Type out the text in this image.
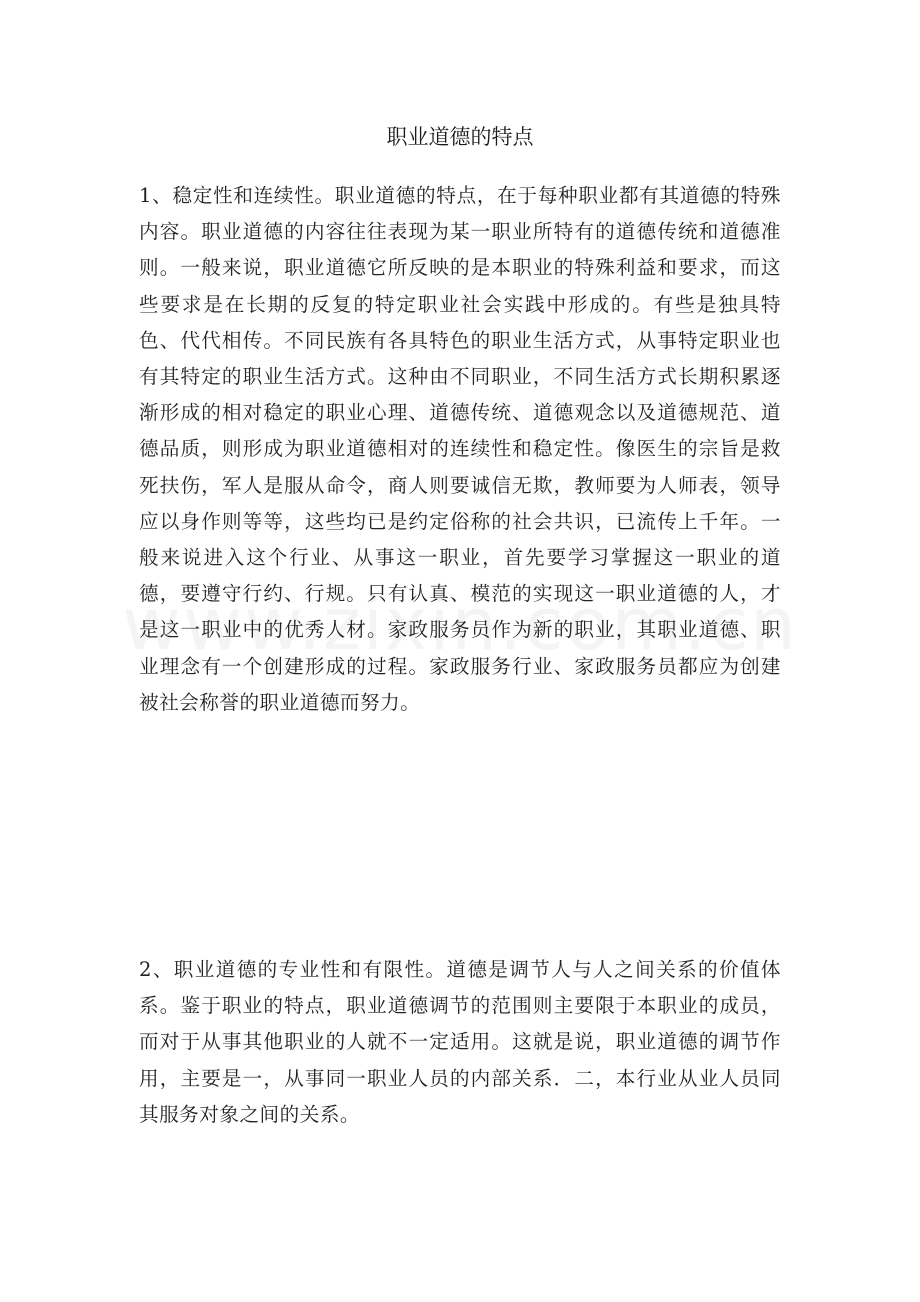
职业道德的特点
1、稳定性和连续性。职业道德的特点，在于每种职业都有其道德的特殊内容。职业道德的内容往往表现为某一职业所特有的道德传统和道德准则。一般来说，职业道德它所反映的是本职业的特殊利益和要求，而这些要求是在长期的反复的特定职业社会实践中形成的。有些是独具特色、代代相传。不同民族有各具特色的职业生活方式，从事特定职业也有其特定的职业生活方式。这种由不同职业，不同生活方式长期积累逐渐形成的相对稳定的职业心理、道德传统、道德观念以及道德规范、道德品质，则形成为职业道德相对的连续性和稳定性。像医生的宗旨是救死扶伤，军人是服从命令，商人则要诚信无欺，教师要为人师表，领导应以身作则等等，这些均已是约定俗称的社会共识，已流传上千年。一般来说进入这个行业、从事这一职业，首先要学习掌握这一职业的道德，要遵守行约、行规。只有认真、模范的实现这一职业道德的人，才是这一职业中的优秀人材。家政服务员作为新的职业，其职业道德、职业理念有一个创建形成的过程。家政服务行业、家政服务员都应为创建被社会称誉的职业道德而努力。
2、职业道德的专业性和有限性。道德是调节人与人之间关系的价值体系。鉴于职业的特点，职业道德调节的范围则主要限于本职业的成员，而对于从事其他职业的人就不一定适用。这就是说，职业道德的调节作用，主要是一，从事同一职业人员的内部关系．二，本行业从业人员同其服务对象之间的关系。
